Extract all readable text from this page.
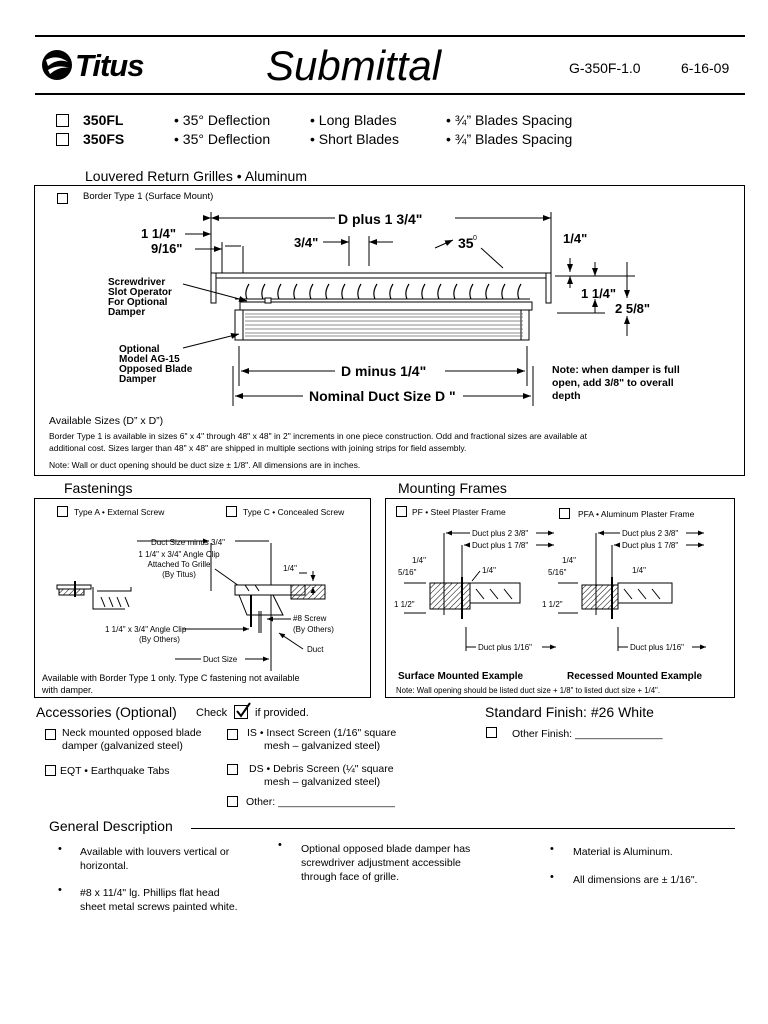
Titus	Submittal	G-350F-1.0	6-16-09
350FL	• 35° Deflection	• Long Blades	• ¾” Blades Spacing
350FS	• 35° Deflection	• Short Blades	• ¾” Blades Spacing
Louvered Return Grilles • Aluminum
Border Type 1 (Surface Mount)
D plus 1 3/4"
1 1/4"
9/16"	3/4"	35 0	1/4"
1 1/4"
2 5/8"
Screwdriver
Slot Operator
For Optional
Damper
Optional
Model AG-15
Opposed Blade
Damper
D minus 1/4"
Nominal Duct Size D "
Note: when damper is full
open, add 3/8" to overall
depth
Available Sizes (D” x D”)
Border Type 1 is available in sizes 6" x 4" through 48" x 48" in 2" increments in one piece construction. Odd and fractional sizes are available at
additional cost. Sizes larger than 48" x 48" are shipped in multiple sections with joining strips for field assembly.
Note: Wall or duct opening should be duct size ± 1/8". All dimensions are in inches.
Fastenings
Type A • External Screw	Type C • Concealed Screw
Duct Size minus 3/4"
1 1/4" x 3/4" Angle Clip
Attached To Grille
(By Titus)
1/4"
#8 Screw
(By Others)
1 1/4" x 3/4" Angle Clip
(By Others)
Duct
Duct Size
Available with Border Type 1 only. Type C fastening not available
with damper.
Mounting Frames
PF • Steel Plaster Frame	PFA • Aluminum Plaster Frame
Duct plus 2 3/8"
Duct plus 1 7/8"
1/4"
5/16"	1/4"
1 1/2"
Duct plus 1/16"
Duct plus 2 3/8"
Duct plus 1 7/8"
1/4"
5/16"	1/4"
1 1/2"
Duct plus 1/16"
Surface Mounted Example	Recessed Mounted Example
Note: Wall opening should be listed duct size + 1/8" to listed duct size + 1/4".
Accessories (Optional) Check	if provided.
Neck mounted opposed blade
damper (galvanized steel)
EQT • Earthquake Tabs
IS • Insect Screen (1/16" square
mesh – galvanized steel)
DS • Debris Screen (¼" square
mesh – galvanized steel)
Other: ____________________
Standard Finish: #26 White
Other Finish: _______________
General Description
• Available with louvers vertical or
horizontal.
• #8 x 11/4" lg. Phillips flat head
sheet metal screws painted white.
• Optional opposed blade damper has
screwdriver adjustment accessible
through face of grille.
• Material is Aluminum.
• All dimensions are ± 1/16".
